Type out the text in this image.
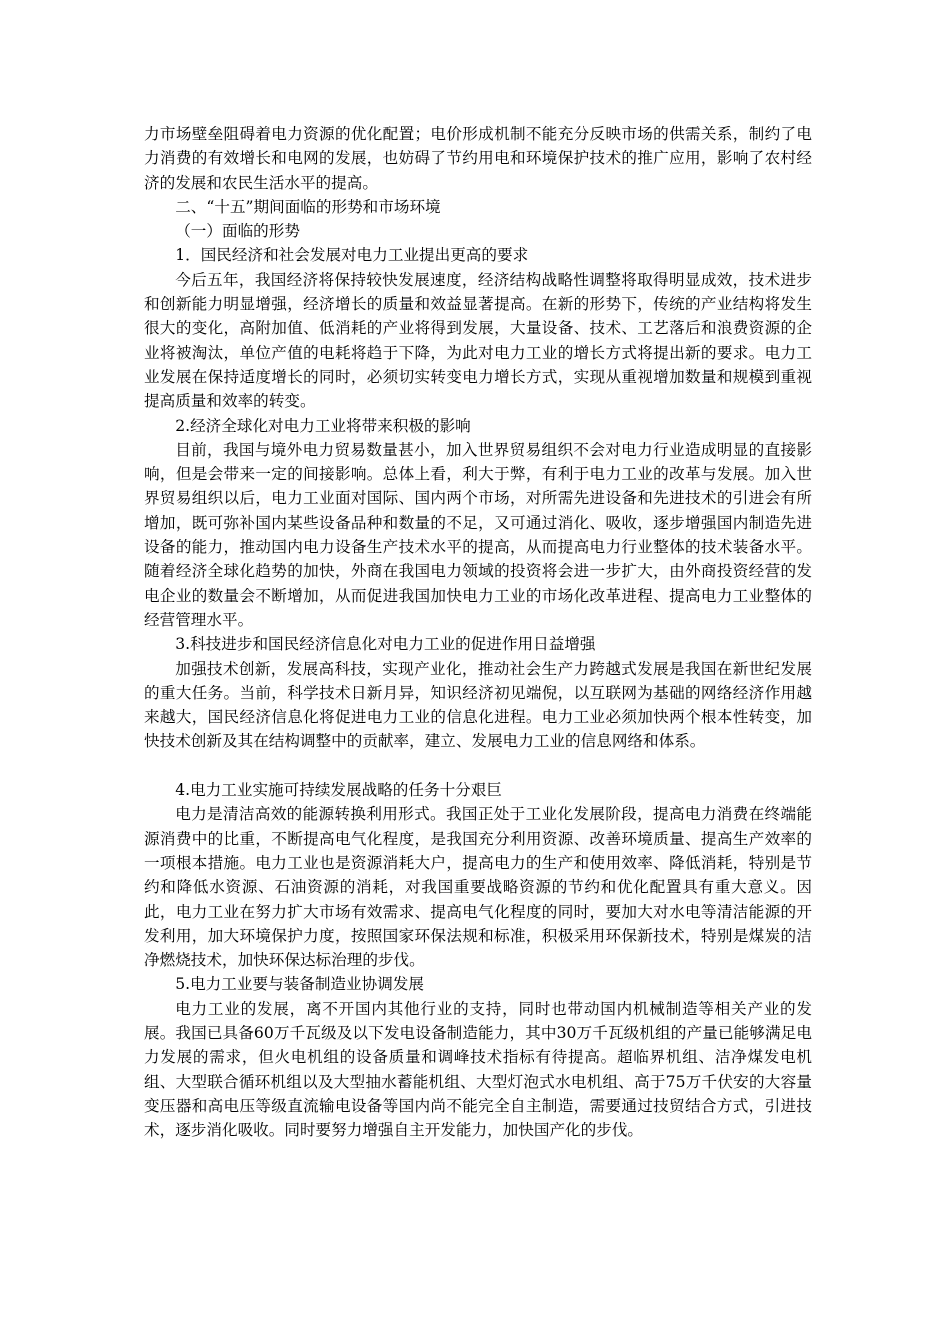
力市场壁垒阻碍着电力资源的优化配置；电价形成机制不能充分反映市场的供需关系，制约了电力消费的有效增长和电网的发展，也妨碍了节约用电和环境保护技术的推广应用，影响了农村经济的发展和农民生活水平的提高。

二、“十五”期间面临的形势和市场环境

（一）面临的形势

1．国民经济和社会发展对电力工业提出更高的要求

今后五年，我国经济将保持较快发展速度，经济结构战略性调整将取得明显成效，技术进步和创新能力明显增强，经济增长的质量和效益显著提高。在新的形势下，传统的产业结构将发生很大的变化，高附加值、低消耗的产业将得到发展，大量设备、技术、工艺落后和浪费资源的企业将被淘汰，单位产值的电耗将趋于下降，为此对电力工业的增长方式将提出新的要求。电力工业发展在保持适度增长的同时，必须切实转变电力增长方式，实现从重视增加数量和规模到重视提高质量和效率的转变。

2.经济全球化对电力工业将带来积极的影响

目前，我国与境外电力贸易数量甚小，加入世界贸易组织不会对电力行业造成明显的直接影响，但是会带来一定的间接影响。总体上看，利大于弊，有利于电力工业的改革与发展。加入世界贸易组织以后，电力工业面对国际、国内两个市场，对所需先进设备和先进技术的引进会有所增加，既可弥补国内某些设备品种和数量的不足，又可通过消化、吸收，逐步增强国内制造先进设备的能力，推动国内电力设备生产技术水平的提高，从而提高电力行业整体的技术装备水平。随着经济全球化趋势的加快，外商在我国电力领域的投资将会进一步扩大，由外商投资经营的发电企业的数量会不断增加，从而促进我国加快电力工业的市场化改革进程、提高电力工业整体的经营管理水平。

3.科技进步和国民经济信息化对电力工业的促进作用日益增强

加强技术创新，发展高科技，实现产业化，推动社会生产力跨越式发展是我国在新世纪发展的重大任务。当前，科学技术日新月异，知识经济初见端倪，以互联网为基础的网络经济作用越来越大，国民经济信息化将促进电力工业的信息化进程。电力工业必须加快两个根本性转变，加快技术创新及其在结构调整中的贡献率，建立、发展电力工业的信息网络和体系。

4.电力工业实施可持续发展战略的任务十分艰巨

电力是清洁高效的能源转换利用形式。我国正处于工业化发展阶段，提高电力消费在终端能源消费中的比重，不断提高电气化程度，是我国充分利用资源、改善环境质量、提高生产效率的一项根本措施。电力工业也是资源消耗大户，提高电力的生产和使用效率、降低消耗，特别是节约和降低水资源、石油资源的消耗，对我国重要战略资源的节约和优化配置具有重大意义。因此，电力工业在努力扩大市场有效需求、提高电气化程度的同时，要加大对水电等清洁能源的开发利用，加大环境保护力度，按照国家环保法规和标准，积极采用环保新技术，特别是煤炭的洁净燃烧技术，加快环保达标治理的步伐。

5.电力工业要与装备制造业协调发展

电力工业的发展，离不开国内其他行业的支持，同时也带动国内机械制造等相关产业的发展。我国已具备60万千瓦级及以下发电设备制造能力，其中30万千瓦级机组的产量已能够满足电力发展的需求，但火电机组的设备质量和调峰技术指标有待提高。超临界机组、洁净煤发电机组、大型联合循环机组以及大型抽水蓄能机组、大型灯泡式水电机组、高于75万千伏安的大容量变压器和高电压等级直流输电设备等国内尚不能完全自主制造，需要通过技贸结合方式，引进技术，逐步消化吸收。同时要努力增强自主开发能力，加快国产化的步伐。
